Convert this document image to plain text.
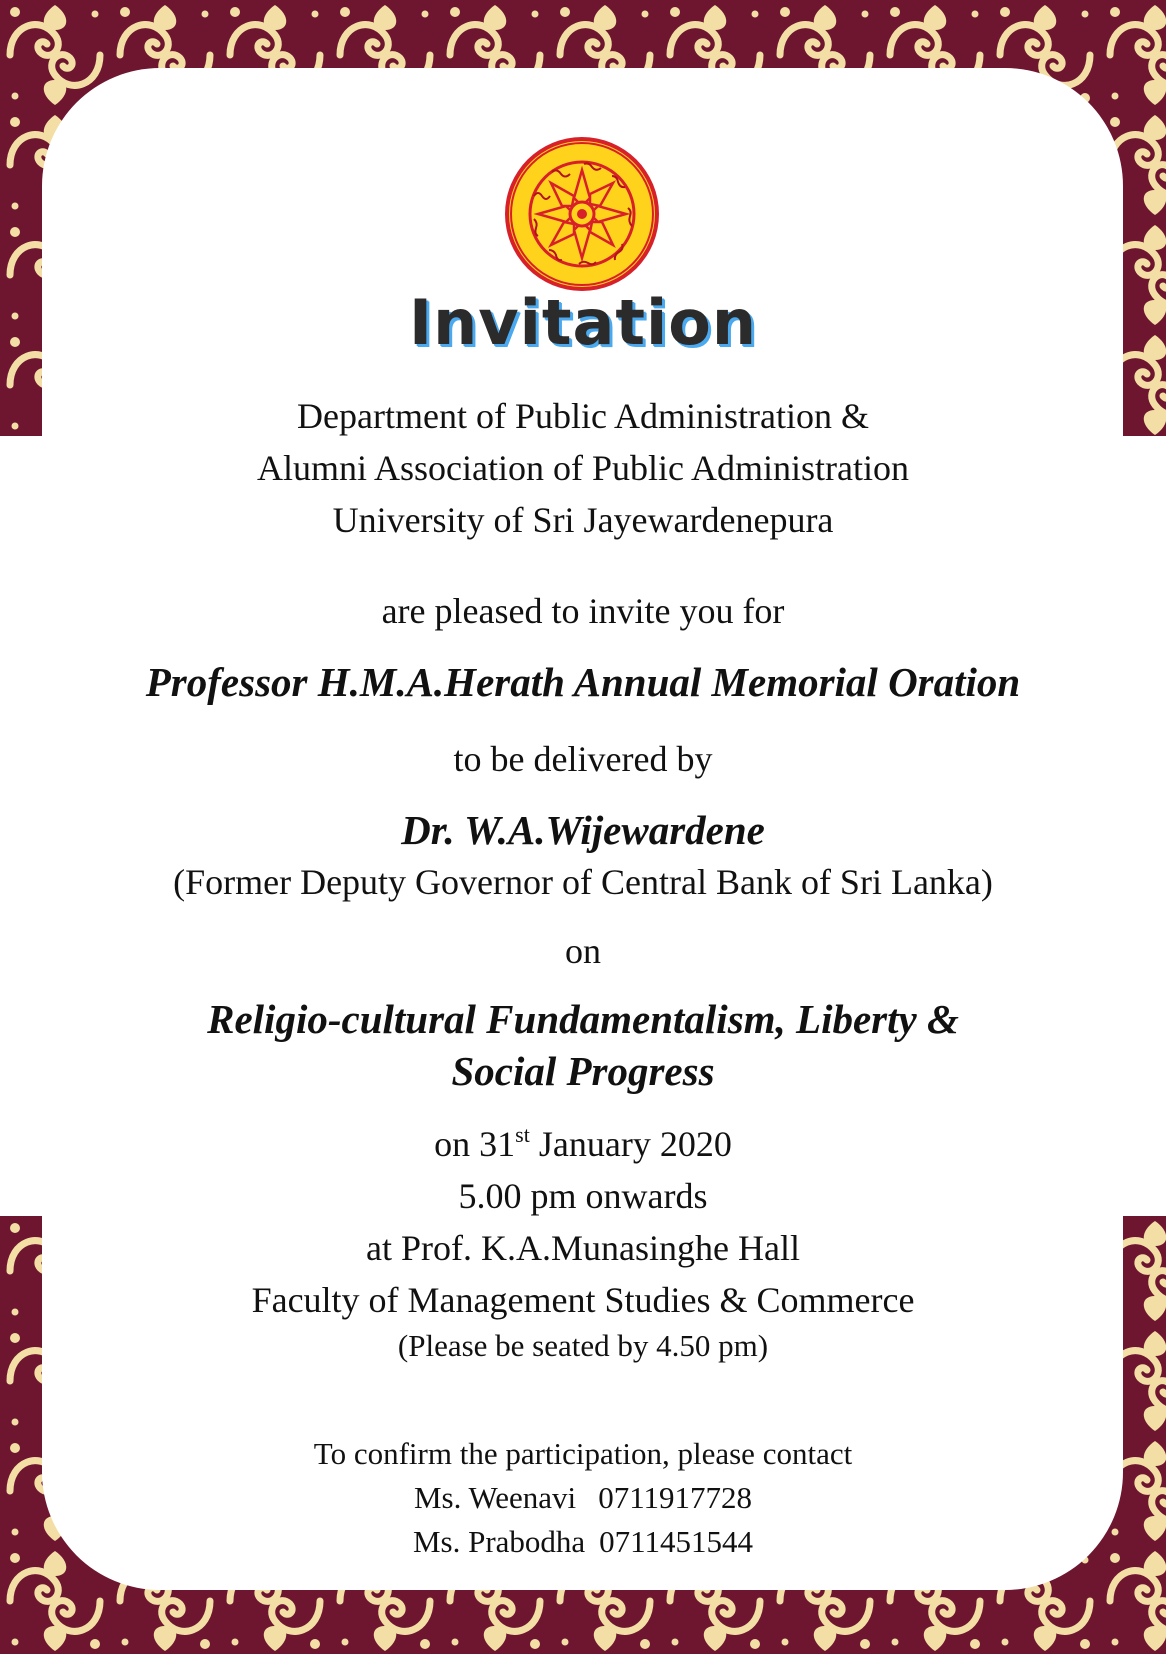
Invitation
Department of Public Administration &
Alumni Association of Public Administration
University of Sri Jayewardenepura
are pleased to invite you for
Professor H.M.A.Herath Annual Memorial Oration
to be delivered by
Dr. W.A.Wijewardene
(Former Deputy Governor of Central Bank of Sri Lanka)
on
Religio-cultural Fundamentalism, Liberty &
Social Progress
on 31st January 2020
5.00 pm onwards
at Prof. K.A.Munasinghe Hall
Faculty of Management Studies & Commerce
(Please be seated by 4.50 pm)
To confirm the participation, please contact
Ms. Weenavi 0711917728
Ms. Prabodha 0711451544
